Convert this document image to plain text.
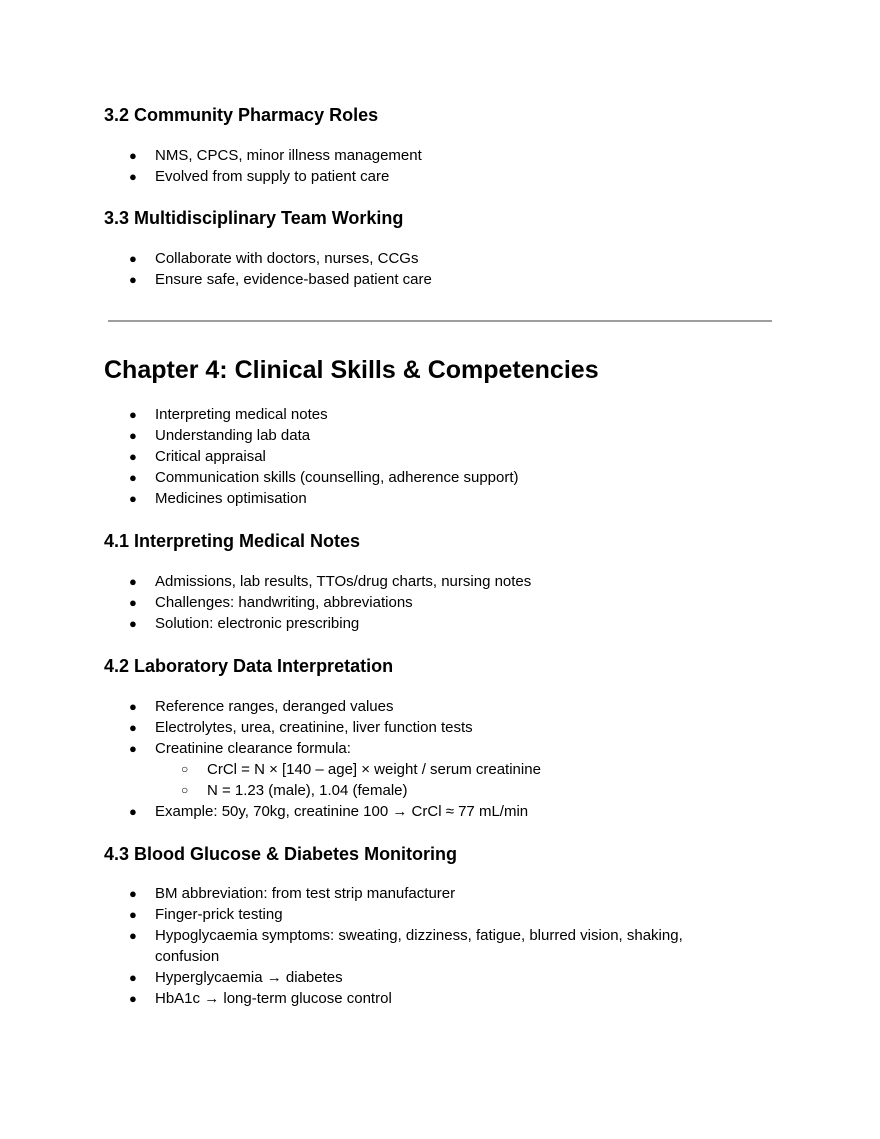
3.2 Community Pharmacy Roles
● NMS, CPCS, minor illness management
● Evolved from supply to patient care
3.3 Multidisciplinary Team Working
● Collaborate with doctors, nurses, CCGs
● Ensure safe, evidence-based patient care
Chapter 4: Clinical Skills & Competencies
● Interpreting medical notes
● Understanding lab data
● Critical appraisal
● Communication skills (counselling, adherence support)
● Medicines optimisation
4.1 Interpreting Medical Notes
● Admissions, lab results, TTOs/drug charts, nursing notes
● Challenges: handwriting, abbreviations
● Solution: electronic prescribing
4.2 Laboratory Data Interpretation
● Reference ranges, deranged values
● Electrolytes, urea, creatinine, liver function tests
● Creatinine clearance formula:
○ CrCl = N × [140 – age] × weight / serum creatinine
○ N = 1.23 (male), 1.04 (female)
● Example: 50y, 70kg, creatinine 100 → CrCl ≈ 77 mL/min
4.3 Blood Glucose & Diabetes Monitoring
● BM abbreviation: from test strip manufacturer
● Finger-prick testing
● Hypoglycaemia symptoms: sweating, dizziness, fatigue, blurred vision, shaking, confusion
● Hyperglycaemia → diabetes
● HbA1c → long-term glucose control
